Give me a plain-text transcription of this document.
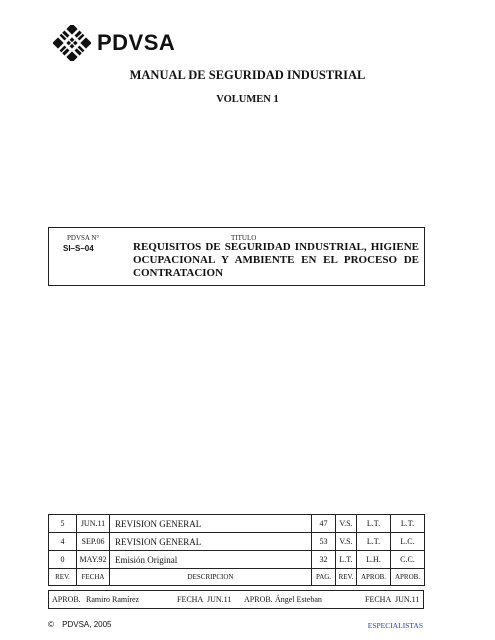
PDVSA
MANUAL DE SEGURIDAD INDUSTRIAL
VOLUMEN 1
PDVSA N°	TITULO
SI–S–04	REQUISITOS DE SEGURIDAD INDUSTRIAL, HIGIENE OCUPACIONAL Y AMBIENTE EN EL PROCESO DE CONTRATACION
5	JUN.11	REVISION GENERAL	47	V.S.	L.T.	L.T.
4	SEP.06	REVISION GENERAL	53	V.S.	L.T.	L.C.
0	MAY.92	Emisión Original	32	L.T.	L.H.	C.C.
REV.	FECHA	DESCRIPCION	PAG.	REV.	APROB.	APROB.
APROB. Ramiro Ramírez	FECHA JUN.11 APROB. Ángel Esteban	FECHA JUN.11
© PDVSA, 2005	ESPECIALISTAS
